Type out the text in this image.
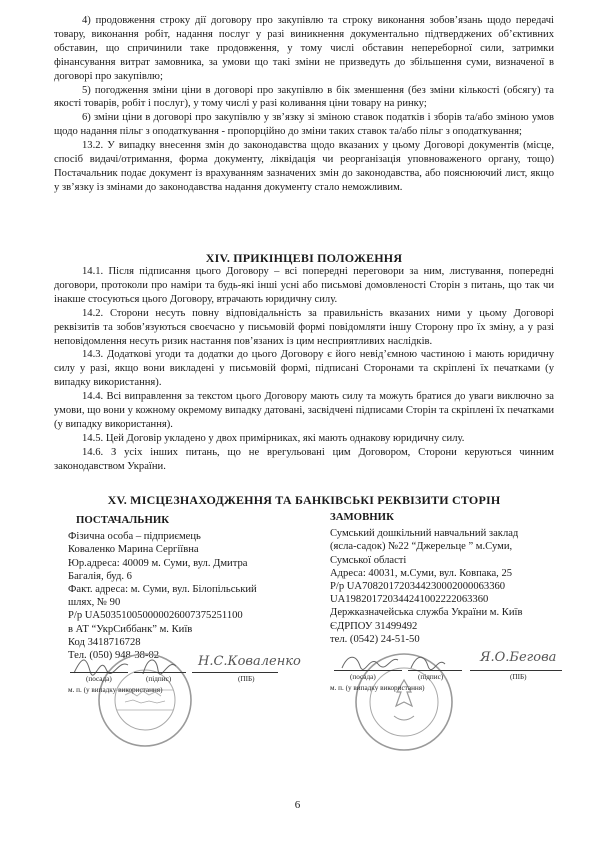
4) продовження строку дії договору про закупівлю та строку виконання зобов’язань щодо передачі товару, виконання робіт, надання послуг у разі виникнення документально підтверджених об’єктивних обставин, що спричинили таке продовження, у тому числі обставин непереборної сили, затримки фінансування витрат замовника, за умови що такі зміни не призведуть до збільшення суми, визначеної в договорі про закупівлю;

5) погодження зміни ціни в договорі про закупівлю в бік зменшення (без зміни кількості (обсягу) та якості товарів, робіт і послуг), у тому числі у разі коливання ціни товару на ринку;

6) зміни ціни в договорі про закупівлю у зв’язку зі зміною ставок податків і зборів та/або зміною умов щодо надання пільг з оподаткування - пропорційно до зміни таких ставок та/або пільг з оподаткування;

13.2. У випадку внесення змін до законодавства щодо вказаних у цьому Договорі документів (місце, спосіб видачі/отримання, форма документу, ліквідація чи реорганізація уповноваженого органу, тощо) Постачальник подає документ із врахуванням зазначених змін до законодавства, або пояснюючий лист, якщо у зв’язку із змінами до законодавства надання документу стало неможливим.

XIV. ПРИКІНЦЕВІ ПОЛОЖЕННЯ

14.1. Після підписання цього Договору – всі попередні переговори за ним, листування, попередні договори, протоколи про наміри та будь-які інші усні або письмові домовленості Сторін з питань, що так чи інакше стосуються цього Договору, втрачають юридичну силу.

14.2. Сторони несуть повну відповідальність за правильність вказаних ними у цьому Договорі реквізитів та зобов’язуються своєчасно у письмовій формі повідомляти іншу Сторону про їх зміну, а у разі неповідомлення несуть ризик настання пов’язаних із цим несприятливих наслідків.

14.3. Додаткові угоди та додатки до цього Договору є його невід’ємною частиною і мають юридичну силу у разі, якщо вони викладені у письмовій формі, підписані Сторонами та скріплені їх печатками (у випадку використання).

14.4. Всі виправлення за текстом цього Договору мають силу та можуть братися до уваги виключно за умови, що вони у кожному окремому випадку датовані, засвідчені підписами Сторін та скріплені їх печатками (у випадку використання).

14.5. Цей Договір укладено у двох примірниках, які мають однакову юридичну силу.

14.6. З усіх інших питань, що не врегульовані цим Договором, Сторони керуються чинним законодавством України.

XV. МІСЦЕЗНАХОДЖЕННЯ ТА БАНКІВСЬКІ РЕКВІЗИТИ СТОРІН

ПОСТАЧАЛЬНИК

Фізична особа – підприємець

Коваленко Марина Сергіївна

Юр.адреса: 40009 м. Суми, вул. Дмитра

Багалія, буд. 6

Факт. адреса: м. Суми, вул. Білопільський

шлях, № 90

Р/р UA503510050000026007375251100

в АТ “УкрСиббанк” м. Київ

Код 3418716728

Тел. (050) 948-38-02

ЗАМОВНИК

Сумський дошкільний навчальний заклад

(ясла-садок) №22 “Джерельце ” м.Суми,

Сумської області

Адреса: 40031, м.Суми, вул. Ковпака, 25

Р/р UA708201720344230002000063360

UA198201720344241002222063360

Держказначейська служба України м. Київ

ЄДРПОУ 31499492

тел. (0542) 24-51-50

Н.С.Коваленко
(посада)	(підпис)	(ПІБ)
м. п. (у випадку використання)
Я.О.Бегова
(посада)	(підпис)	(ПІБ)
м. п. (у випадку використання)
6
